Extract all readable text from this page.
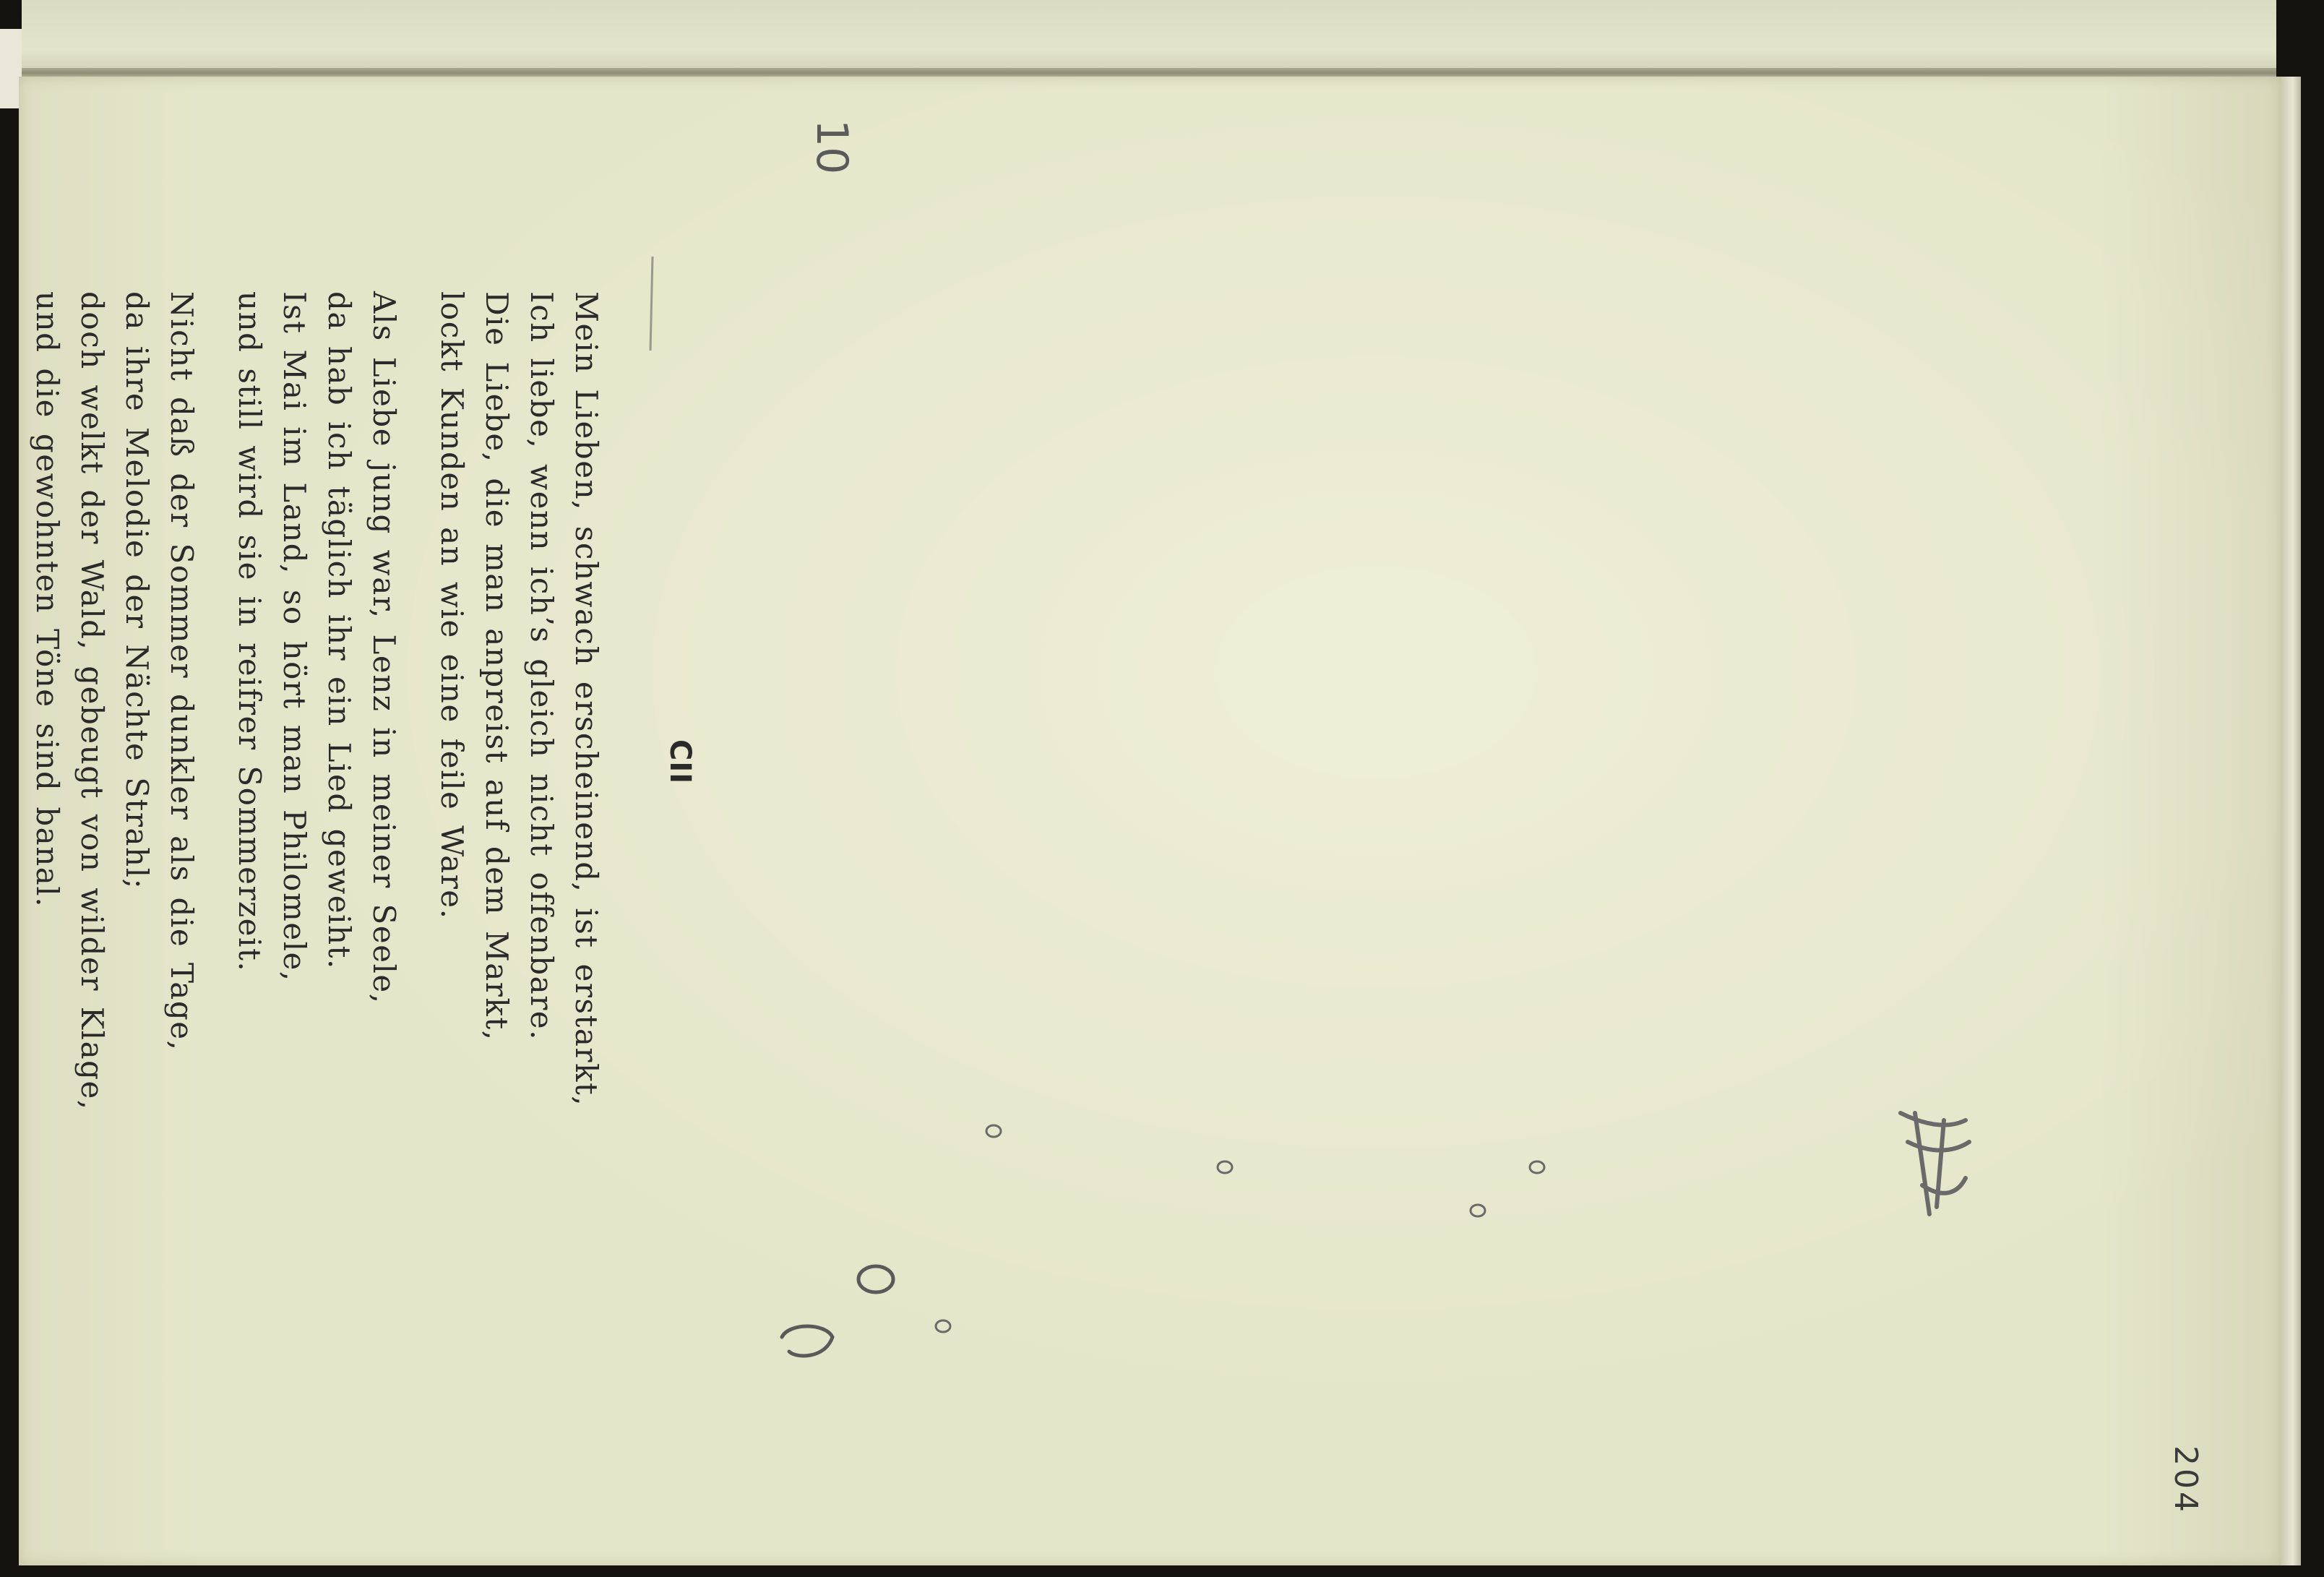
10
CII
Mein Lieben, schwach erscheinend, ist erstarkt,
Ich liebe, wenn ich’s gleich nicht offenbare.
Die Liebe, die man anpreist auf dem Markt,
lockt Kunden an wie eine feile Ware.
Als Liebe jung war, Lenz in meiner Seele,
da hab ich täglich ihr ein Lied geweiht.
Ist Mai im Land, so hört man Philomele,
und still wird sie in reifrer Sommerzeit.
Nicht daß der Sommer dunkler als die Tage,
da ihre Melodie der Nächte Strahl;
doch welkt der Wald, gebeugt von wilder Klage,
und die gewohnten Töne sind banal.
204
